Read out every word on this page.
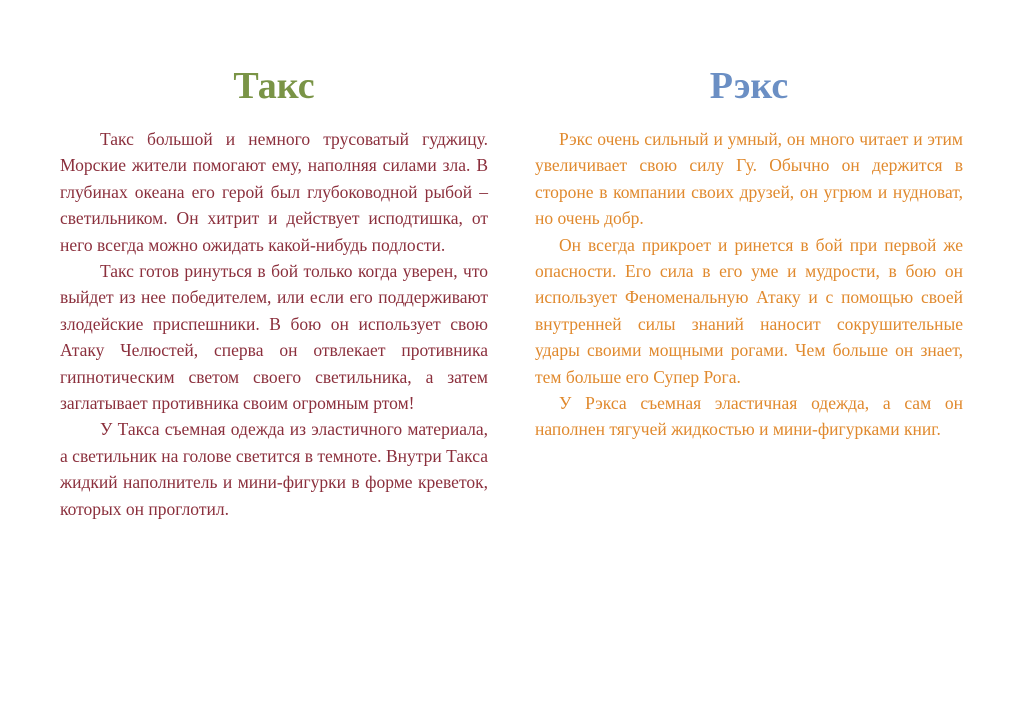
Такс

Такс большой и немного трусоватый гуджицу. Морские жители помогают ему, наполняя силами зла. В глубинах океана его герой был глубоководной рыбой – светильником. Он хитрит и действует исподтишка, от него всегда можно ожидать какой-нибудь подлости.

Такс готов ринуться в бой только когда уверен, что выйдет из нее победителем, или если его поддерживают злодейские приспешники. В бою он использует свою Атаку Челюстей, сперва он отвлекает противника гипнотическим светом своего светильника, а затем заглатывает противника своим огромным ртом!

У Такса съемная одежда из эластичного материала, а светильник на голове светится в темноте. Внутри Такса жидкий наполнитель и мини-фигурки в форме креветок, которых он проглотил.

Рэкс

Рэкс очень сильный и умный, он много читает и этим увеличивает свою силу Гу. Обычно он держится в стороне в компании своих друзей, он угрюм и нудноват, но очень добр.

Он всегда прикроет и ринется в бой при первой же опасности. Его сила в его уме и мудрости, в бою он использует Феноменальную Атаку и с помощью своей внутренней силы знаний наносит сокрушительные удары своими мощными рогами. Чем больше он знает, тем больше его Супер Рога.

У Рэкса съемная эластичная одежда, а сам он наполнен тягучей жидкостью и мини-фигурками книг.
